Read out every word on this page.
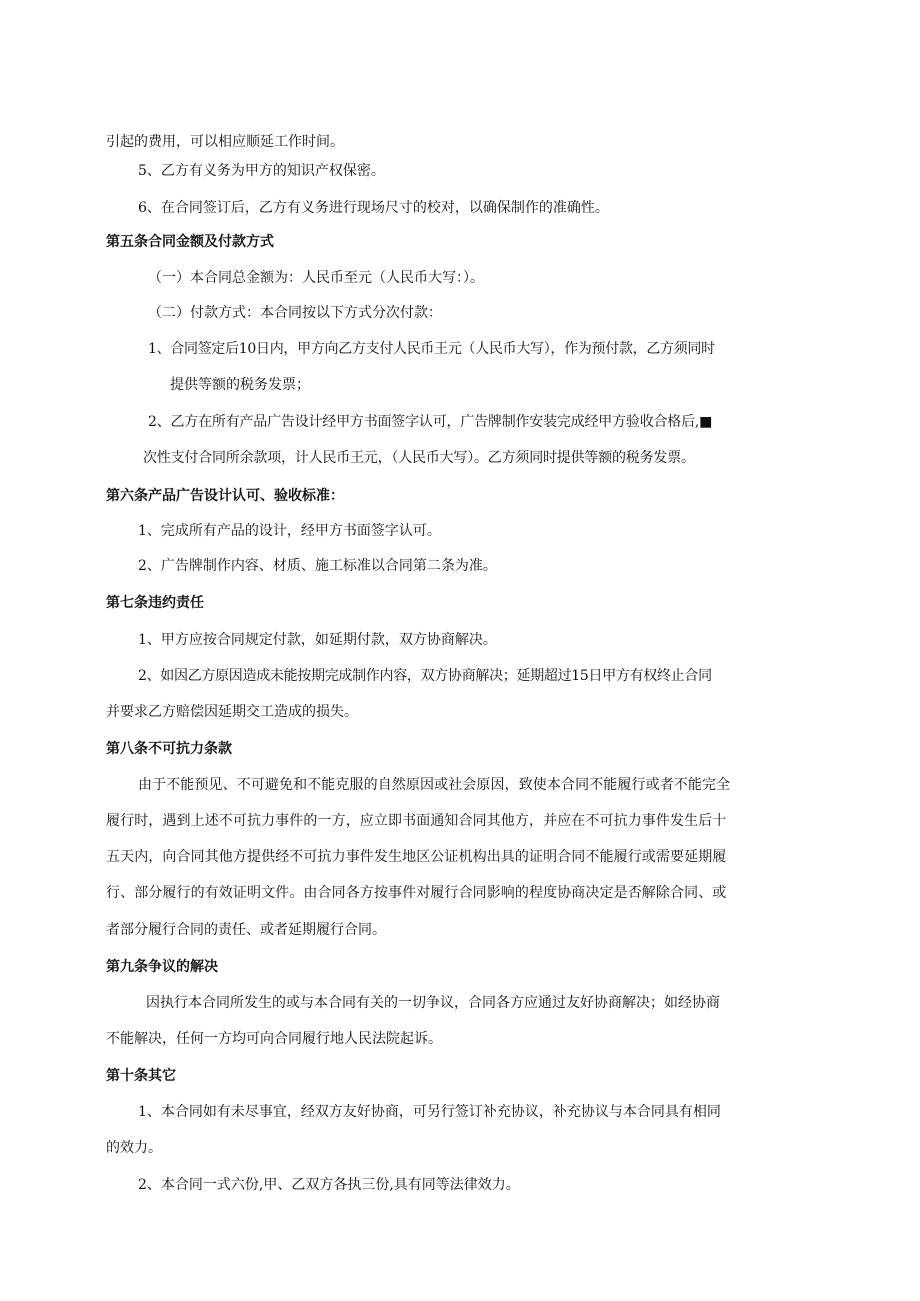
引起的费用，可以相应顺延工作时间。

5、乙方有义务为甲方的知识产权保密。

6、在合同签订后，乙方有义务进行现场尺寸的校对，以确保制作的准确性。

第五条合同金额及付款方式

（一）本合同总金额为：人民币至元（人民币大写：）。

（二）付款方式：本合同按以下方式分次付款：

1、合同签定后10日内，甲方向乙方支付人民币王元（人民币大写），作为预付款，乙方须同时

提供等额的税务发票；

2、乙方在所有产品广告设计经甲方书面签字认可，广告牌制作安装完成经甲方验收合格后,■

次性支付合同所余款项，计人民币王元，（人民币大写）。乙方须同时提供等额的税务发票。

第六条产品广告设计认可、验收标准：

1、完成所有产品的设计，经甲方书面签字认可。

2、广告牌制作内容、材质、施工标准以合同第二条为准。

第七条违约责任

1、甲方应按合同规定付款，如延期付款，双方协商解决。

2、如因乙方原因造成未能按期完成制作内容，双方协商解决；延期超过15日甲方有权终止合同

并要求乙方赔偿因延期交工造成的损失。

第八条不可抗力条款

由于不能预见、不可避免和不能克服的自然原因或社会原因，致使本合同不能履行或者不能完全

履行时，遇到上述不可抗力事件的一方，应立即书面通知合同其他方，并应在不可抗力事件发生后十

五天内，向合同其他方提供经不可抗力事件发生地区公证机构出具的证明合同不能履行或需要延期履

行、部分履行的有效证明文件。由合同各方按事件对履行合同影响的程度协商决定是否解除合同、或

者部分履行合同的责任、或者延期履行合同。

第九条争议的解决

因执行本合同所发生的或与本合同有关的一切争议，合同各方应通过友好协商解决；如经协商

不能解决，任何一方均可向合同履行地人民法院起诉。

第十条其它

1、本合同如有未尽事宜，经双方友好协商，可另行签订补充协议，补充协议与本合同具有相同

的效力。

2、本合同一式六份,甲、乙双方各执三份,具有同等法律效力。
